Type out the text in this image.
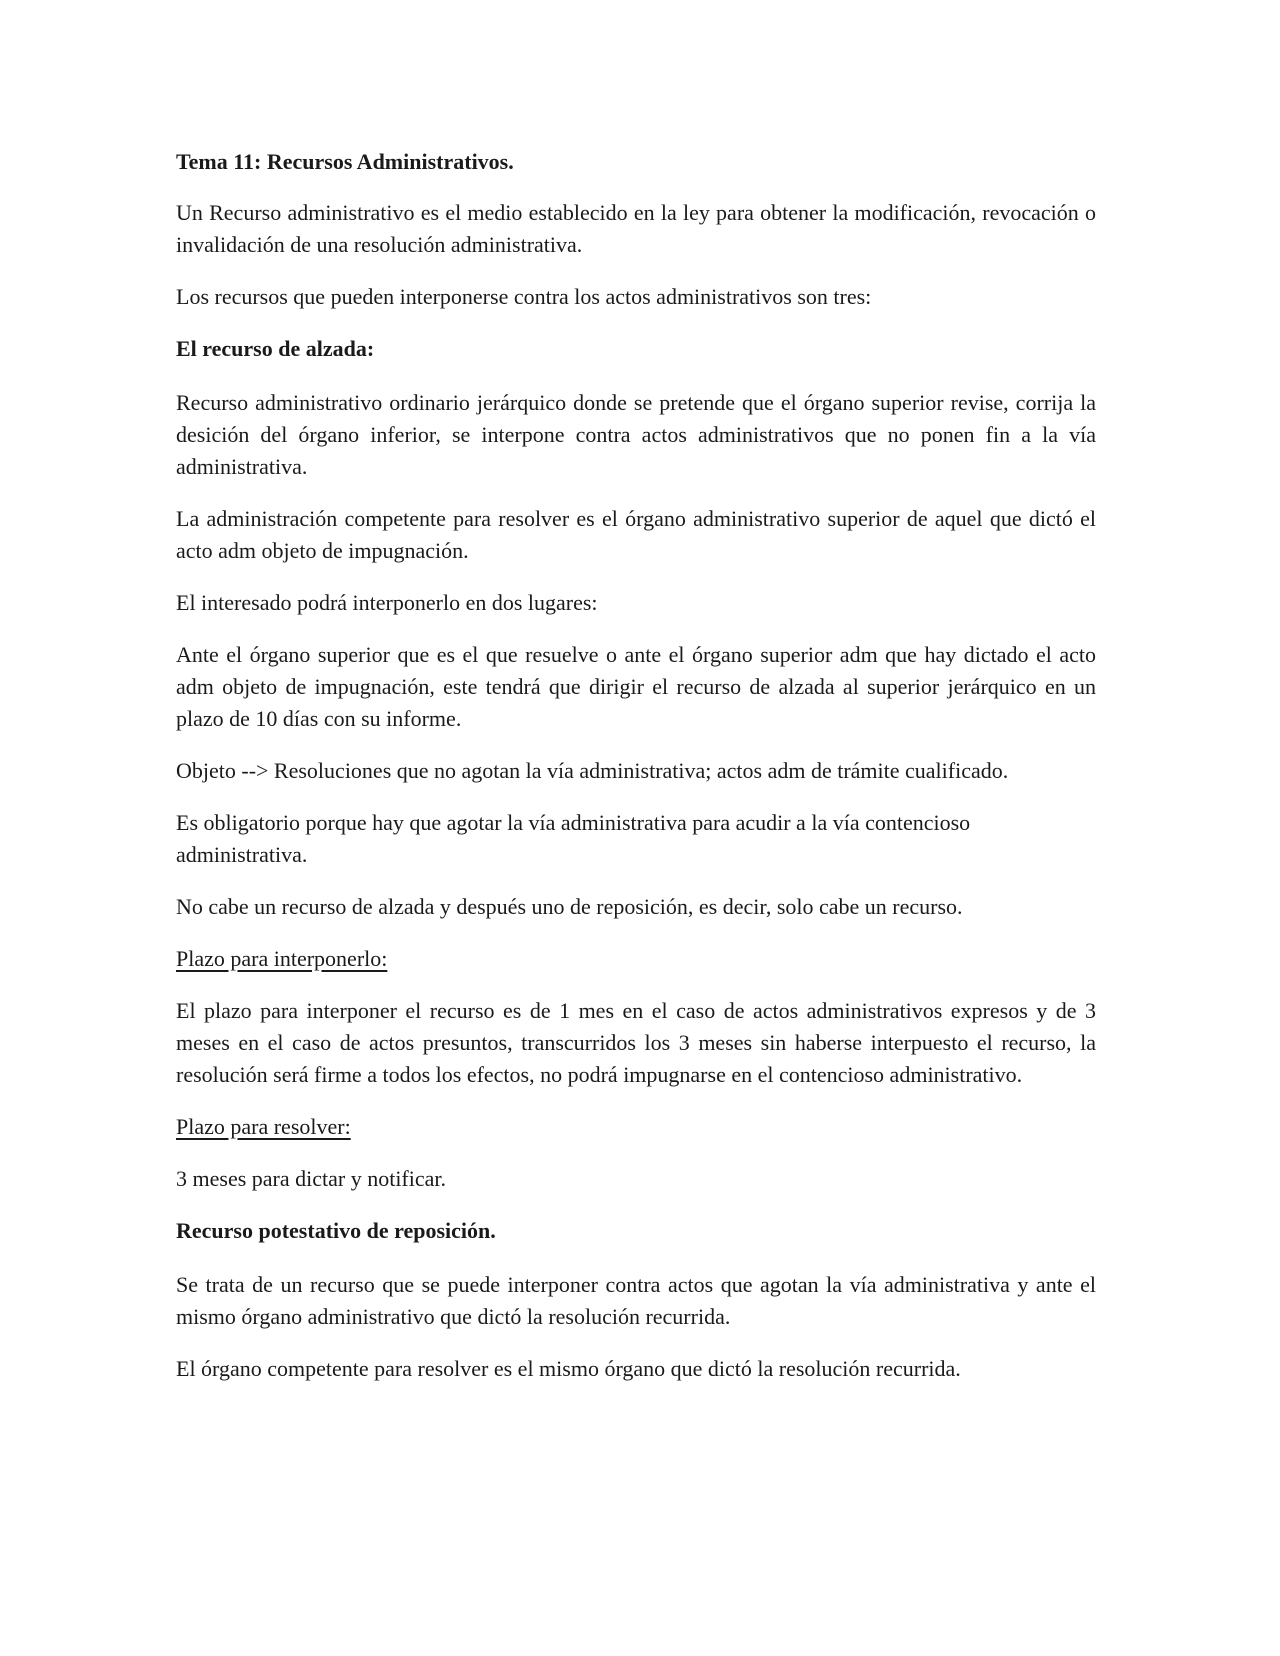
Tema 11: Recursos Administrativos.

Un Recurso administrativo es el medio establecido en la ley para obtener la modificación, revocación o invalidación de una resolución administrativa.

Los recursos que pueden interponerse contra los actos administrativos son tres:

El recurso de alzada:

Recurso administrativo ordinario jerárquico donde se pretende que el órgano superior revise, corrija la desición del órgano inferior, se interpone contra actos administrativos que no ponen fin a la vía administrativa.

La administración competente para resolver es el órgano administrativo superior de aquel que dictó el acto adm objeto de impugnación.

El interesado podrá interponerlo en dos lugares:

Ante el órgano superior que es el que resuelve o ante el órgano superior adm que hay dictado el acto adm objeto de impugnación, este tendrá que dirigir el recurso de alzada al superior jerárquico en un plazo de 10 días con su informe.

Objeto --> Resoluciones que no agotan la vía administrativa; actos adm de trámite cualificado.

Es obligatorio porque hay que agotar la vía administrativa para acudir a la vía contencioso administrativa.

No cabe un recurso de alzada y después uno de reposición, es decir, solo cabe un recurso.

Plazo para interponerlo:

El plazo para interponer el recurso es de 1 mes en el caso de actos administrativos expresos y de 3 meses en el caso de actos presuntos, transcurridos los 3 meses sin haberse interpuesto el recurso, la resolución será firme a todos los efectos, no podrá impugnarse en el contencioso administrativo.

Plazo para resolver:

3 meses para dictar y notificar.

Recurso potestativo de reposición.

Se trata de un recurso que se puede interponer contra actos que agotan la vía administrativa y ante el mismo órgano administrativo que dictó la resolución recurrida.

El órgano competente para resolver es el mismo órgano que dictó la resolución recurrida.
